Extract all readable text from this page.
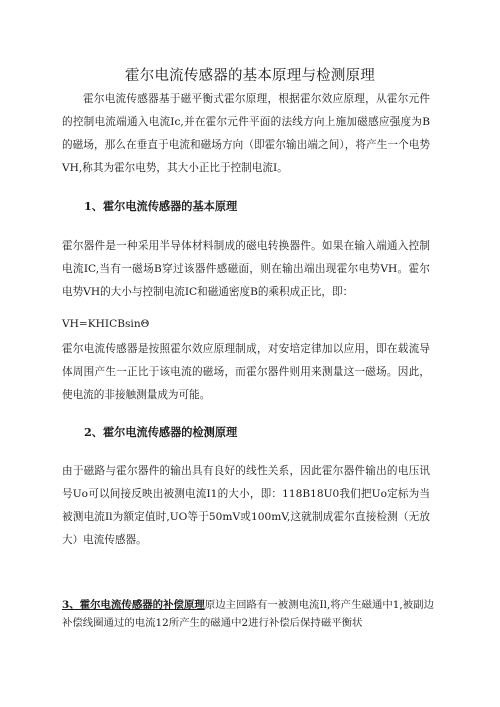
霍尔电流传感器的基本原理与检测原理
霍尔电流传感器基于磁平衡式霍尔原理，根据霍尔效应原理，从霍尔元件的控制电流端通入电流Ic,并在霍尔元件平面的法线方向上施加磁感应强度为B的磁场，那么在垂直于电流和磁场方向（即霍尔输出端之间），将产生一个电势VH,称其为霍尔电势，其大小正比于控制电流I。
1、霍尔电流传感器的基本原理
霍尔器件是一种采用半导体材料制成的磁电转换器件。如果在输入端通入控制电流IC,当有一磁场B穿过该器件感磁面，则在输出端出现霍尔电势VH。霍尔电势VH的大小与控制电流IC和磁通密度B的乘积成正比，即：
VH=KHICBsinΘ
霍尔电流传感器是按照霍尔效应原理制成，对安培定律加以应用，即在载流导体周围产生一正比于该电流的磁场，而霍尔器件则用来测量这一磁场。因此，使电流的非接触测量成为可能。
2、霍尔电流传感器的检测原理
由于磁路与霍尔器件的输出具有良好的线性关系，因此霍尔器件输出的电压讯号Uo可以间接反映出被测电流I1的大小，即：118B18U0我们把Uo定标为当被测电流Il为额定值时,UO等于50mV或100mV,这就制成霍尔直接检测（无放大）电流传感器。
3、霍尔电流传感器的补偿原理原边主回路有一被测电流Il,将产生磁通中1,被副边补偿线圈通过的电流12所产生的磁通中2进行补偿后保持磁平衡状
